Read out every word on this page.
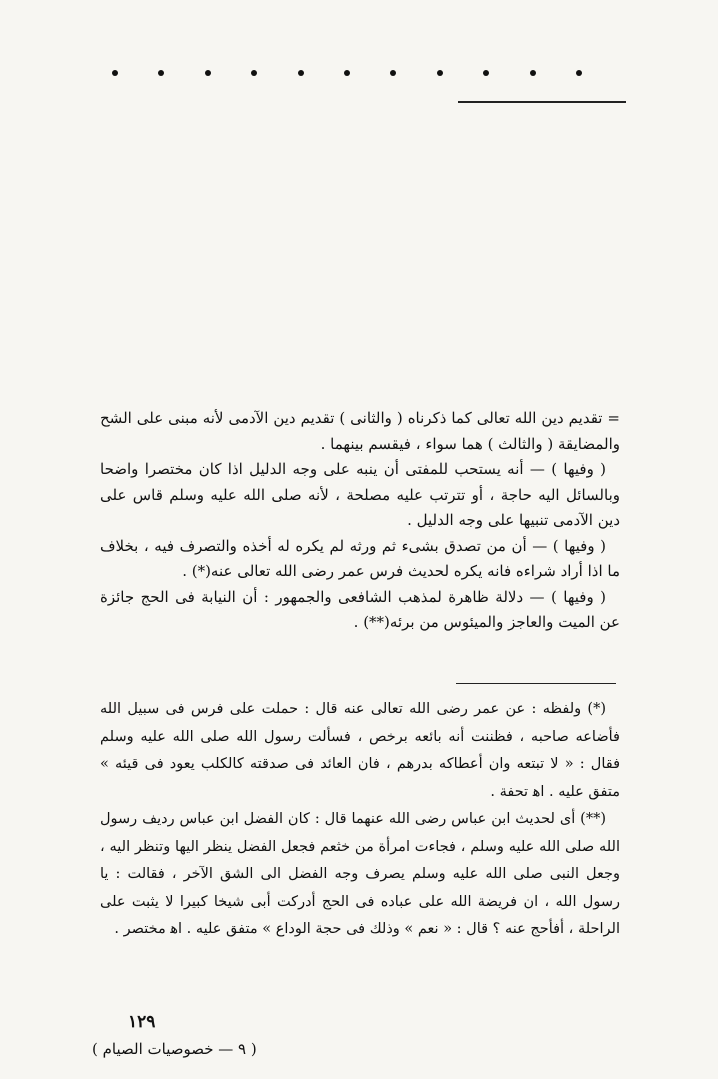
= تقديم دين الله تعالى كما ذكرناه ( والثانى ) تقديم دين الآدمى لأنه مبنى على الشح والمضايقة ( والثالث ) هما سواء ، فيقسم بينهما .

( وفيها ) — أنه يستحب للمفتى أن ينبه على وجه الدليل اذا كان مختصرا واضحا وبالسائل اليه حاجة ، أو تترتب عليه مصلحة ، لأنه صلى الله عليه وسلم قاس على دين الآدمى تنبيها على وجه الدليل .

( وفيها ) — أن من تصدق بشىء ثم ورثه لم يكره له أخذه والتصرف فيه ، بخلاف ما اذا أراد شراءه فانه يكره لحديث فرس عمر رضى الله تعالى عنه(*) .

( وفيها ) — دلالة ظاهرة لمذهب الشافعى والجمهور : أن النيابة فى الحج جائزة عن الميت والعاجز والميئوس من برئه(**) .

(*) ولفظه : عن عمر رضى الله تعالى عنه قال : حملت على فرس فى سبيل الله فأضاعه صاحبه ، فظننت أنه بائعه برخص ، فسألت رسول الله صلى الله عليه وسلم فقال : « لا تبتعه وان أعطاكه بدرهم ، فان العائد فى صدقته كالكلب يعود فى قيئه » متفق عليه . اﻫ تحفة .

(**) أى لحديث ابن عباس رضى الله عنهما قال : كان الفضل ابن عباس رديف رسول الله صلى الله عليه وسلم ، فجاءت امرأة من خثعم فجعل الفضل ينظر اليها وتنظر اليه ، وجعل النبى صلى الله عليه وسلم يصرف وجه الفضل الى الشق الآخر ، فقالت : يا رسول الله ، ان فريضة الله على عباده فى الحج أدركت أبى شيخا كبيرا لا يثبت على الراحلة ، أفأحج عنه ؟ قال : « نعم » وذلك فى حجة الوداع » متفق عليه . اﻫ مختصر .

١٢٩
( ٩ — خصوصيات الصيام )
